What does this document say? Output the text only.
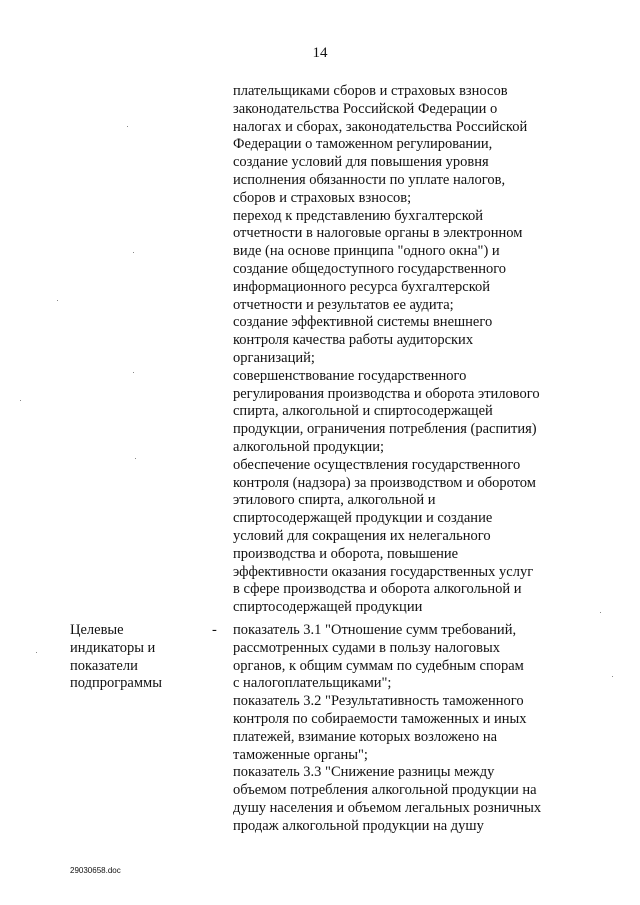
14
плательщиками сборов и страховых взносов
законодательства Российской Федерации о
налогах и сборах, законодательства Российской
Федерации о таможенном регулировании,
создание условий для повышения уровня
исполнения обязанности по уплате налогов,
сборов и страховых взносов;
переход к представлению бухгалтерской
отчетности в налоговые органы в электронном
виде (на основе принципа "одного окна") и
создание общедоступного государственного
информационного ресурса бухгалтерской
отчетности и результатов ее аудита;
создание эффективной системы внешнего
контроля качества работы аудиторских
организаций;
совершенствование государственного
регулирования производства и оборота этилового
спирта, алкогольной и спиртосодержащей
продукции, ограничения потребления (распития)
алкогольной продукции;
обеспечение осуществления государственного
контроля (надзора) за производством и оборотом
этилового спирта, алкогольной и
спиртосодержащей продукции и создание
условий для сокращения их нелегального
производства и оборота, повышение
эффективности оказания государственных услуг
в сфере производства и оборота алкогольной и
спиртосодержащей продукции
Целевые
индикаторы и
показатели
подпрограммы
- показатель 3.1 "Отношение сумм требований,
рассмотренных судами в пользу налоговых
органов, к общим суммам по судебным спорам
с налогоплательщиками";
показатель 3.2 "Результативность таможенного
контроля по собираемости таможенных и иных
платежей, взимание которых возложено на
таможенные органы";
показатель 3.3 "Снижение разницы между
объемом потребления алкогольной продукции на
душу населения и объемом легальных розничных
продаж алкогольной продукции на душу
29030658.doc
